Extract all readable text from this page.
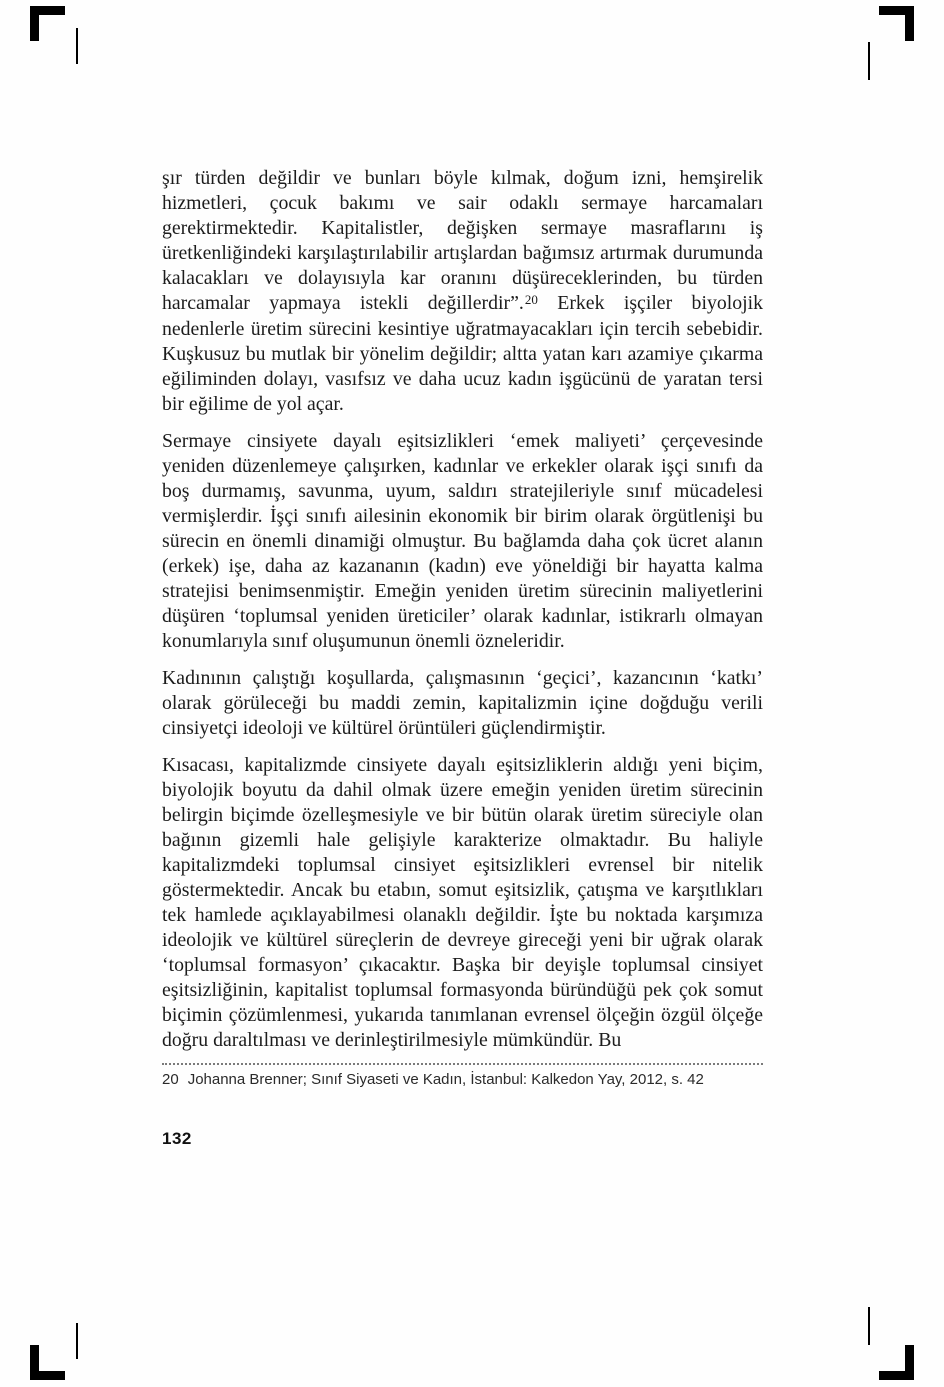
şır türden değildir ve bunları böyle kılmak, doğum izni, hemşirelik hizmetleri, çocuk bakımı ve sair odaklı sermaye harcamaları gerektirmektedir. Kapitalistler, değişken sermaye masraflarını iş üretkenliğindeki karşılaştırılabilir artışlardan bağımsız artırmak durumunda kalacakları ve dolayısıyla kar oranını düşüreceklerinden, bu türden harcamalar yapmaya istekli değillerdir”.$^{20}$ Erkek işçiler biyolojik nedenlerle üretim sürecini kesintiye uğratmayacakları için tercih sebebidir. Kuşkusuz bu mutlak bir yönelim değildir; altta yatan karı azamiye çıkarma eğiliminden dolayı, vasıfsız ve daha ucuz kadın işgücünü de yaratan tersi bir eğilime de yol açar.

Sermaye cinsiyete dayalı eşitsizlikleri ‘emek maliyeti’ çerçevesinde yeniden düzenlemeye çalışırken, kadınlar ve erkekler olarak işçi sınıfı da boş durmamış, savunma, uyum, saldırı stratejileriyle sınıf mücadelesi vermişlerdir. İşçi sınıfı ailesinin ekonomik bir birim olarak örgütlenişi bu sürecin en önemli dinamiği olmuştur. Bu bağlamda daha çok ücret alanın (erkek) işe, daha az kazananın (kadın) eve yöneldiği bir hayatta kalma stratejisi benimsenmiştir. Emeğin yeniden üretim sürecinin maliyetlerini düşüren ‘toplumsal yeniden üreticiler’ olarak kadınlar, istikrarlı olmayan konumlarıyla sınıf oluşumunun önemli özneleridir.

Kadınının çalıştığı koşullarda, çalışmasının ‘geçici’, kazancının ‘katkı’ olarak görüleceği bu maddi zemin, kapitalizmin içine doğduğu verili cinsiyetçi ideoloji ve kültürel örüntüleri güçlendirmiştir.

Kısacası, kapitalizmde cinsiyete dayalı eşitsizliklerin aldığı yeni biçim, biyolojik boyutu da dahil olmak üzere emeğin yeniden üretim sürecinin belirgin biçimde özelleşmesiyle ve bir bütün olarak üretim süreciyle olan bağının gizemli hale gelişiyle karakterize olmaktadır. Bu haliyle kapitalizmdeki toplumsal cinsiyet eşitsizlikleri evrensel bir nitelik göstermektedir. Ancak bu etabın, somut eşitsizlik, çatışma ve karşıtlıkları tek hamlede açıklayabilmesi olanaklı değildir. İşte bu noktada karşımıza ideolojik ve kültürel süreçlerin de devreye gireceği yeni bir uğrak olarak ‘toplumsal formasyon’ çıkacaktır. Başka bir deyişle toplumsal cinsiyet eşitsizliğinin, kapitalist toplumsal formasyonda büründüğü pek çok somut biçimin çözümlenmesi, yukarıda tanımlanan evrensel ölçeğin özgül ölçeğe doğru daraltılması ve derinleştirilmesiyle mümkündür. Bu

20 Johanna Brenner; Sınıf Siyaseti ve Kadın, İstanbul: Kalkedon Yay, 2012, s. 42
132
